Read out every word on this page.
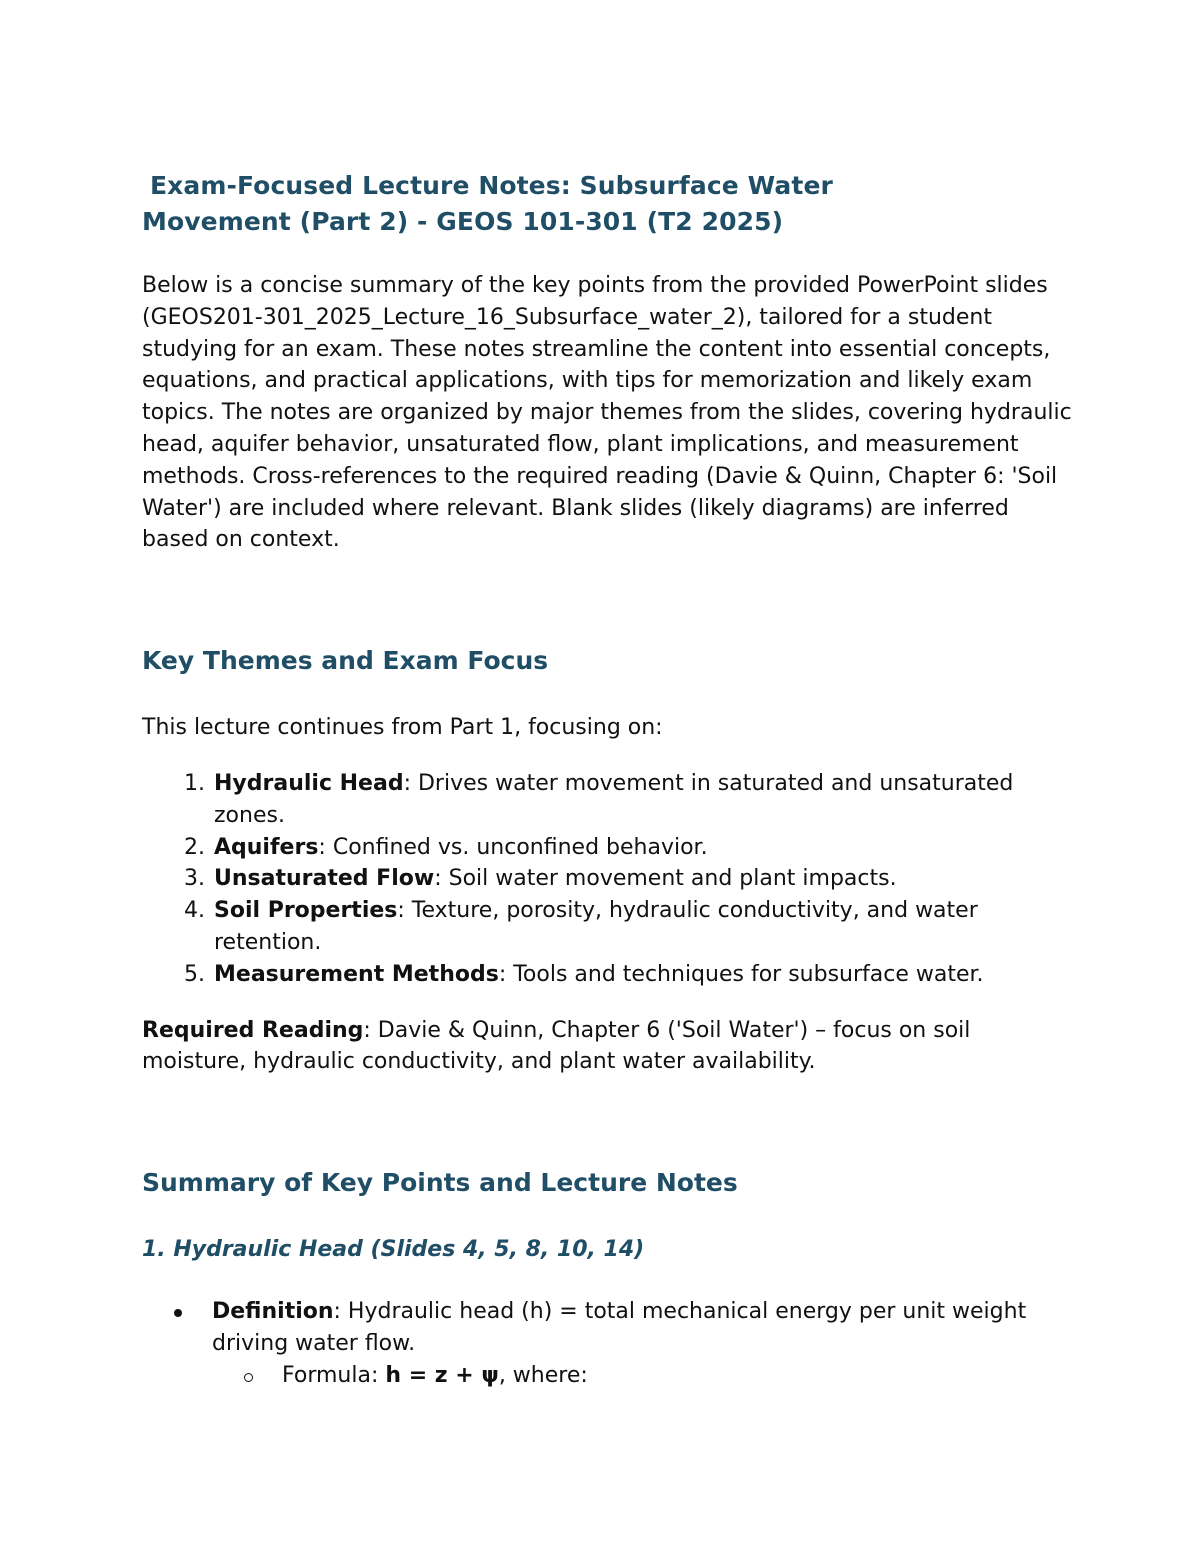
Exam-Focused Lecture Notes: Subsurface Water
Movement (Part 2) - GEOS 101-301 (T2 2025)

Below is a concise summary of the key points from the provided PowerPoint slides (GEOS201-301_2025_Lecture_16_Subsurface_water_2), tailored for a student studying for an exam. These notes streamline the content into essential concepts, equations, and practical applications, with tips for memorization and likely exam topics. The notes are organized by major themes from the slides, covering hydraulic head, aquifer behavior, unsaturated flow, plant implications, and measurement methods. Cross-references to the required reading (Davie & Quinn, Chapter 6: 'Soil Water') are included where relevant. Blank slides (likely diagrams) are inferred based on context.

Key Themes and Exam Focus

This lecture continues from Part 1, focusing on:

1. Hydraulic Head: Drives water movement in saturated and unsaturated zones.
2. Aquifers: Confined vs. unconfined behavior.
3. Unsaturated Flow: Soil water movement and plant impacts.
4. Soil Properties: Texture, porosity, hydraulic conductivity, and water retention.
5. Measurement Methods: Tools and techniques for subsurface water.

Required Reading: Davie & Quinn, Chapter 6 ('Soil Water') – focus on soil moisture, hydraulic conductivity, and plant water availability.

Summary of Key Points and Lecture Notes
1. Hydraulic Head (Slides 4, 5, 8, 10, 14)
Definition: Hydraulic head (h) = total mechanical energy per unit weight driving water flow.
Formula: h = z + ψ, where:
